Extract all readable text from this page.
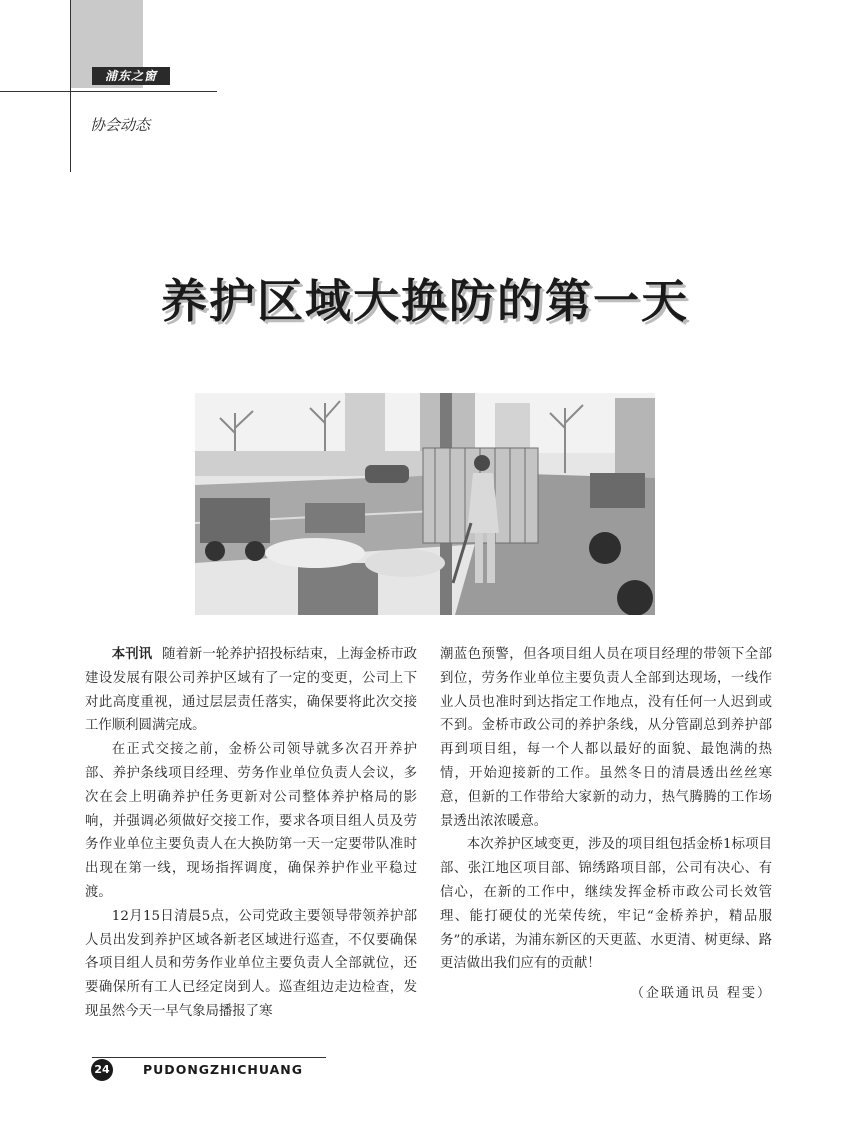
浦东之窗
协会动态
养护区域大换防的第一天

本刊讯 随着新一轮养护招投标结束，上海金桥市政建设发展有限公司养护区域有了一定的变更，公司上下对此高度重视，通过层层责任落实，确保要将此次交接工作顺利圆满完成。

在正式交接之前，金桥公司领导就多次召开养护部、养护条线项目经理、劳务作业单位负责人会议，多次在会上明确养护任务更新对公司整体养护格局的影响，并强调必须做好交接工作，要求各项目组人员及劳务作业单位主要负责人在大换防第一天一定要带队准时出现在第一线，现场指挥调度，确保养护作业平稳过渡。

12月15日清晨5点，公司党政主要领导带领养护部人员出发到养护区域各新老区域进行巡查，不仅要确保各项目组人员和劳务作业单位主要负责人全部就位，还要确保所有工人已经定岗到人。巡查组边走边检查，发现虽然今天一早气象局播报了寒

潮蓝色预警，但各项目组人员在项目经理的带领下全部到位，劳务作业单位主要负责人全部到达现场，一线作业人员也准时到达指定工作地点，没有任何一人迟到或不到。金桥市政公司的养护条线，从分管副总到养护部再到项目组，每一个人都以最好的面貌、最饱满的热情，开始迎接新的工作。虽然冬日的清晨透出丝丝寒意，但新的工作带给大家新的动力，热气腾腾的工作场景透出浓浓暖意。

本次养护区域变更，涉及的项目组包括金桥1标项目部、张江地区项目部、锦绣路项目部，公司有决心、有信心，在新的工作中，继续发挥金桥市政公司长效管理、能打硬仗的光荣传统，牢记“金桥养护，精品服务”的承诺，为浦东新区的天更蓝、水更清、树更绿、路更洁做出我们应有的贡献！

（企联通讯员 程雯）

24	PUDONGZHICHUANG
